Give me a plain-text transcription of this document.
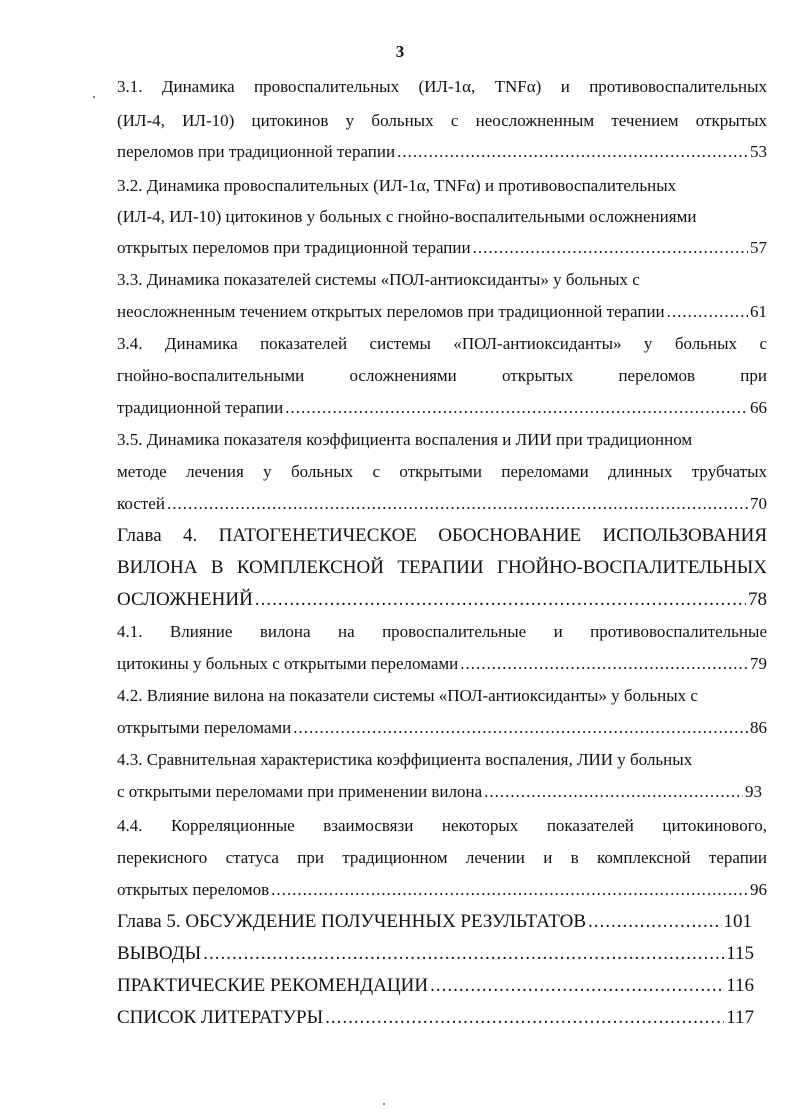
3
3.1. Динамика провоспалительных (ИЛ-1α, TNFα) и противовоспалительных
(ИЛ-4, ИЛ-10) цитокинов у больных с неосложненным течением открытых
переломов при традиционной терапии .....	53
3.2. Динамика провоспалительных (ИЛ-1α, TNFα) и противовоспалительных
(ИЛ-4, ИЛ-10) цитокинов у больных с гнойно-воспалительными осложнениями
открытых переломов при традиционной терапии .....	57
3.3. Динамика показателей системы «ПОЛ-антиоксиданты» у больных с
неосложненным течением открытых переломов при традиционной терапии .....	61
3.4. Динамика показателей системы «ПОЛ-антиоксиданты» у больных с
гнойно-воспалительными осложнениями открытых переломов при
традиционной терапии .....	66
3.5. Динамика показателя коэффициента воспаления и ЛИИ при традиционном
методе лечения у больных с открытыми переломами длинных трубчатых
костей .....	70
Глава 4. ПАТОГЕНЕТИЧЕСКОЕ ОБОСНОВАНИЕ ИСПОЛЬЗОВАНИЯ
ВИЛОНА В КОМПЛЕКСНОЙ ТЕРАПИИ ГНОЙНО-ВОСПАЛИТЕЛЬНЫХ
ОСЛОЖНЕНИЙ .....	78
4.1. Влияние вилона на провоспалительные и противовоспалительные
цитокины у больных с открытыми переломами .....	79
4.2. Влияние вилона на показатели системы «ПОЛ-антиоксиданты» у больных с
открытыми переломами .....	86
4.3. Сравнительная характеристика коэффициента воспаления, ЛИИ у больных
с открытыми переломами при применении вилона .....	93
4.4. Корреляционные взаимосвязи некоторых показателей цитокинового,
перекисного статуса при традиционном лечении и в комплексной терапии
открытых переломов .....	96
Глава 5. ОБСУЖДЕНИЕ ПОЛУЧЕННЫХ РЕЗУЛЬТАТОВ .....	101
ВЫВОДЫ .....	115
ПРАКТИЧЕСКИЕ РЕКОМЕНДАЦИИ .....	116
СПИСОК ЛИТЕРАТУРЫ .....	117
